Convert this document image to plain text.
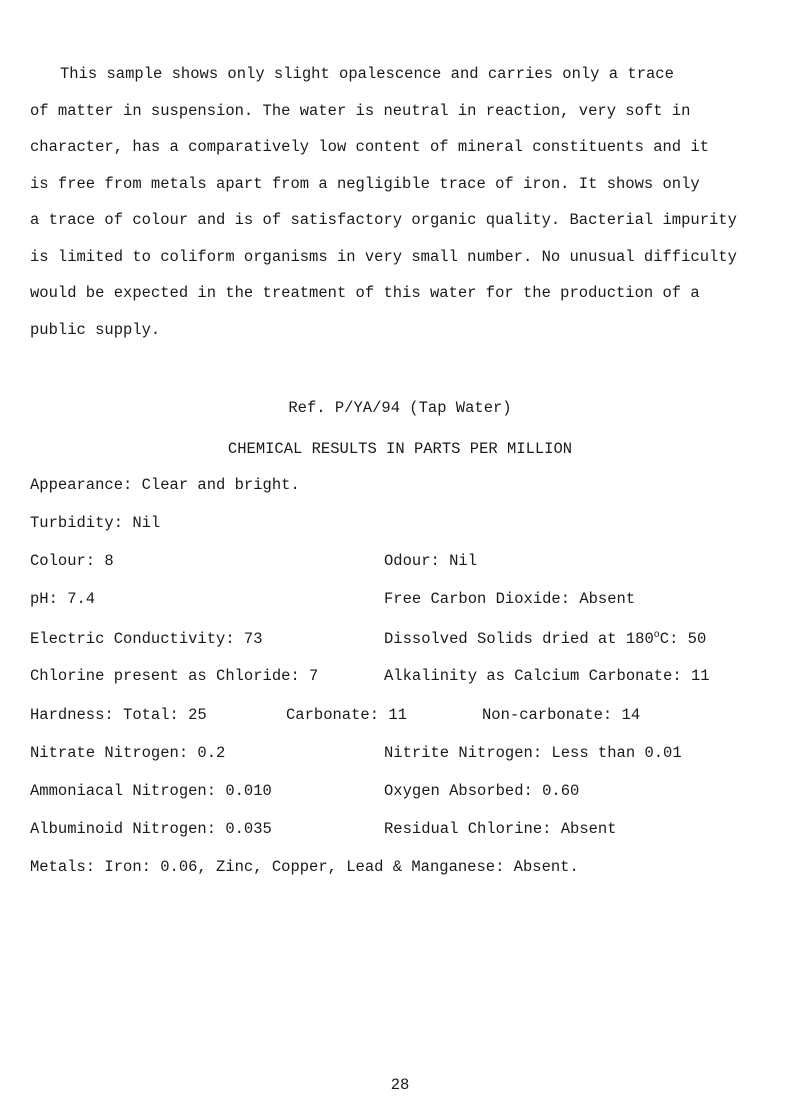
This sample shows only slight opalescence and carries only a trace
of matter in suspension. The water is neutral in reaction, very soft in
character, has a comparatively low content of mineral constituents and it
is free from metals apart from a negligible trace of iron. It shows only
a trace of colour and is of satisfactory organic quality. Bacterial impurity
is limited to coliform organisms in very small number. No unusual difficulty
would be expected in the treatment of this water for the production of a
public supply.

Ref. P/YA/94 (Tap Water)
CHEMICAL RESULTS IN PARTS PER MILLION
Appearance: Clear and bright.
Turbidity: Nil
Colour: 8	Odour: Nil
pH: 7.4	Free Carbon Dioxide: Absent
Electric Conductivity: 73	Dissolved Solids dried at 180$^o$C: 50
Chlorine present as Chloride: 7	Alkalinity as Calcium Carbonate: 11
Hardness: Total: 25	Carbonate: 11	Non-carbonate: 14
Nitrate Nitrogen: 0.2	Nitrite Nitrogen: Less than 0.01
Ammoniacal Nitrogen: 0.010	Oxygen Absorbed: 0.60
Albuminoid Nitrogen: 0.035	Residual Chlorine: Absent
Metals: Iron: 0.06, Zinc, Copper, Lead & Manganese: Absent.
28
